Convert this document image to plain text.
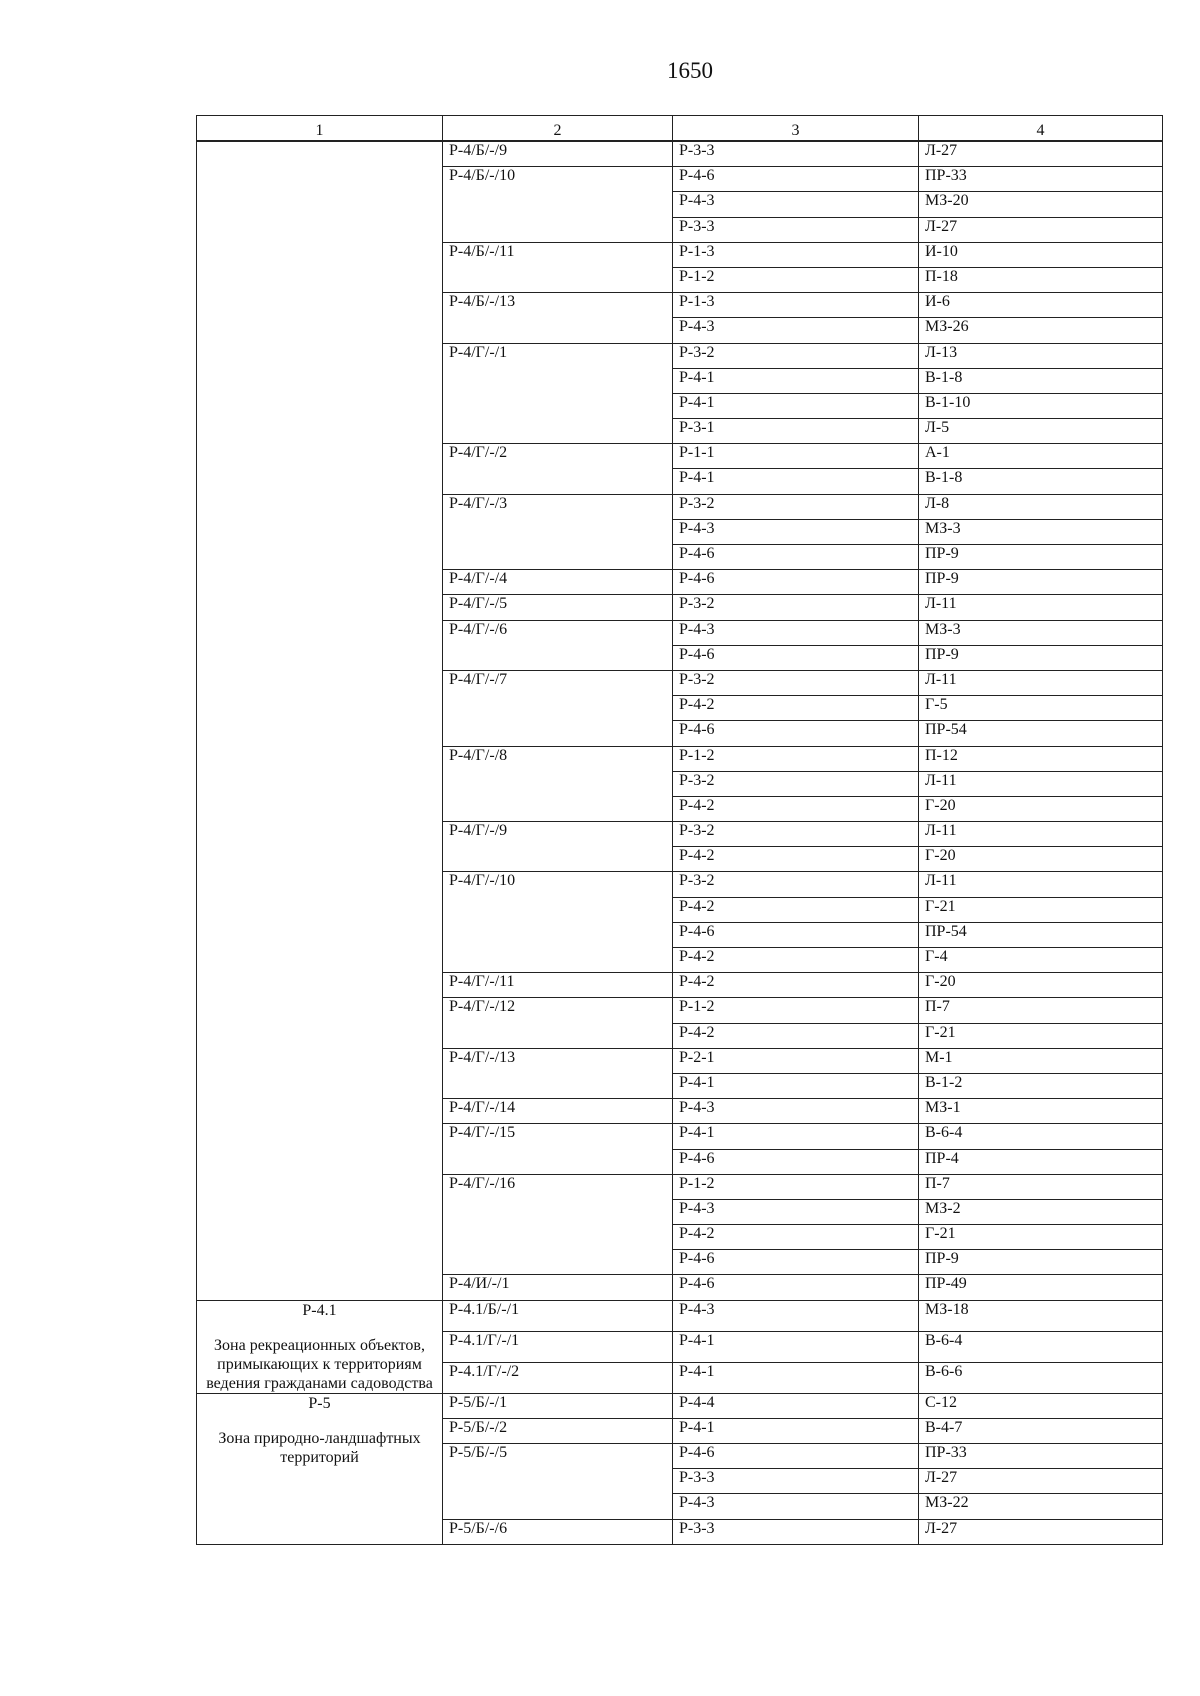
1650
1	2	3	4

	Р-4/Б/-/9	Р-3-3	Л-27
	Р-4/Б/-/10	Р-4-6	ПР-33
		Р-4-3	МЗ-20
		Р-3-3	Л-27
	Р-4/Б/-/11	Р-1-3	И-10
		Р-1-2	П-18
	Р-4/Б/-/13	Р-1-3	И-6
		Р-4-3	МЗ-26
	Р-4/Г/-/1	Р-3-2	Л-13
		Р-4-1	В-1-8
		Р-4-1	В-1-10
		Р-3-1	Л-5
	Р-4/Г/-/2	Р-1-1	А-1
		Р-4-1	В-1-8
	Р-4/Г/-/3	Р-3-2	Л-8
		Р-4-3	МЗ-3
		Р-4-6	ПР-9
	Р-4/Г/-/4	Р-4-6	ПР-9
	Р-4/Г/-/5	Р-3-2	Л-11
	Р-4/Г/-/6	Р-4-3	МЗ-3
		Р-4-6	ПР-9
	Р-4/Г/-/7	Р-3-2	Л-11
		Р-4-2	Г-5
		Р-4-6	ПР-54
	Р-4/Г/-/8	Р-1-2	П-12
		Р-3-2	Л-11
		Р-4-2	Г-20
	Р-4/Г/-/9	Р-3-2	Л-11
		Р-4-2	Г-20
	Р-4/Г/-/10	Р-3-2	Л-11
		Р-4-2	Г-21
		Р-4-6	ПР-54
		Р-4-2	Г-4
	Р-4/Г/-/11	Р-4-2	Г-20
	Р-4/Г/-/12	Р-1-2	П-7
		Р-4-2	Г-21
	Р-4/Г/-/13	Р-2-1	М-1
		Р-4-1	В-1-2
	Р-4/Г/-/14	Р-4-3	МЗ-1
	Р-4/Г/-/15	Р-4-1	В-6-4
		Р-4-6	ПР-4
	Р-4/Г/-/16	Р-1-2	П-7
		Р-4-3	МЗ-2
		Р-4-2	Г-21
		Р-4-6	ПР-9
	Р-4/И/-/1	Р-4-6	ПР-49

Р-4.1
Зона рекреационных объектов, примыкающих к территориям ведения гражданами садоводства	Р-4.1/Б/-/1	Р-4-3	МЗ-18
	Р-4.1/Г/-/1	Р-4-1	В-6-4
	Р-4.1/Г/-/2	Р-4-1	В-6-6

Р-5
Зона природно-ландшафтных территорий	Р-5/Б/-/1	Р-4-4	С-12
	Р-5/Б/-/2	Р-4-1	В-4-7
	Р-5/Б/-/5	Р-4-6	ПР-33
		Р-3-3	Л-27
		Р-4-3	МЗ-22
	Р-5/Б/-/6	Р-3-3	Л-27
